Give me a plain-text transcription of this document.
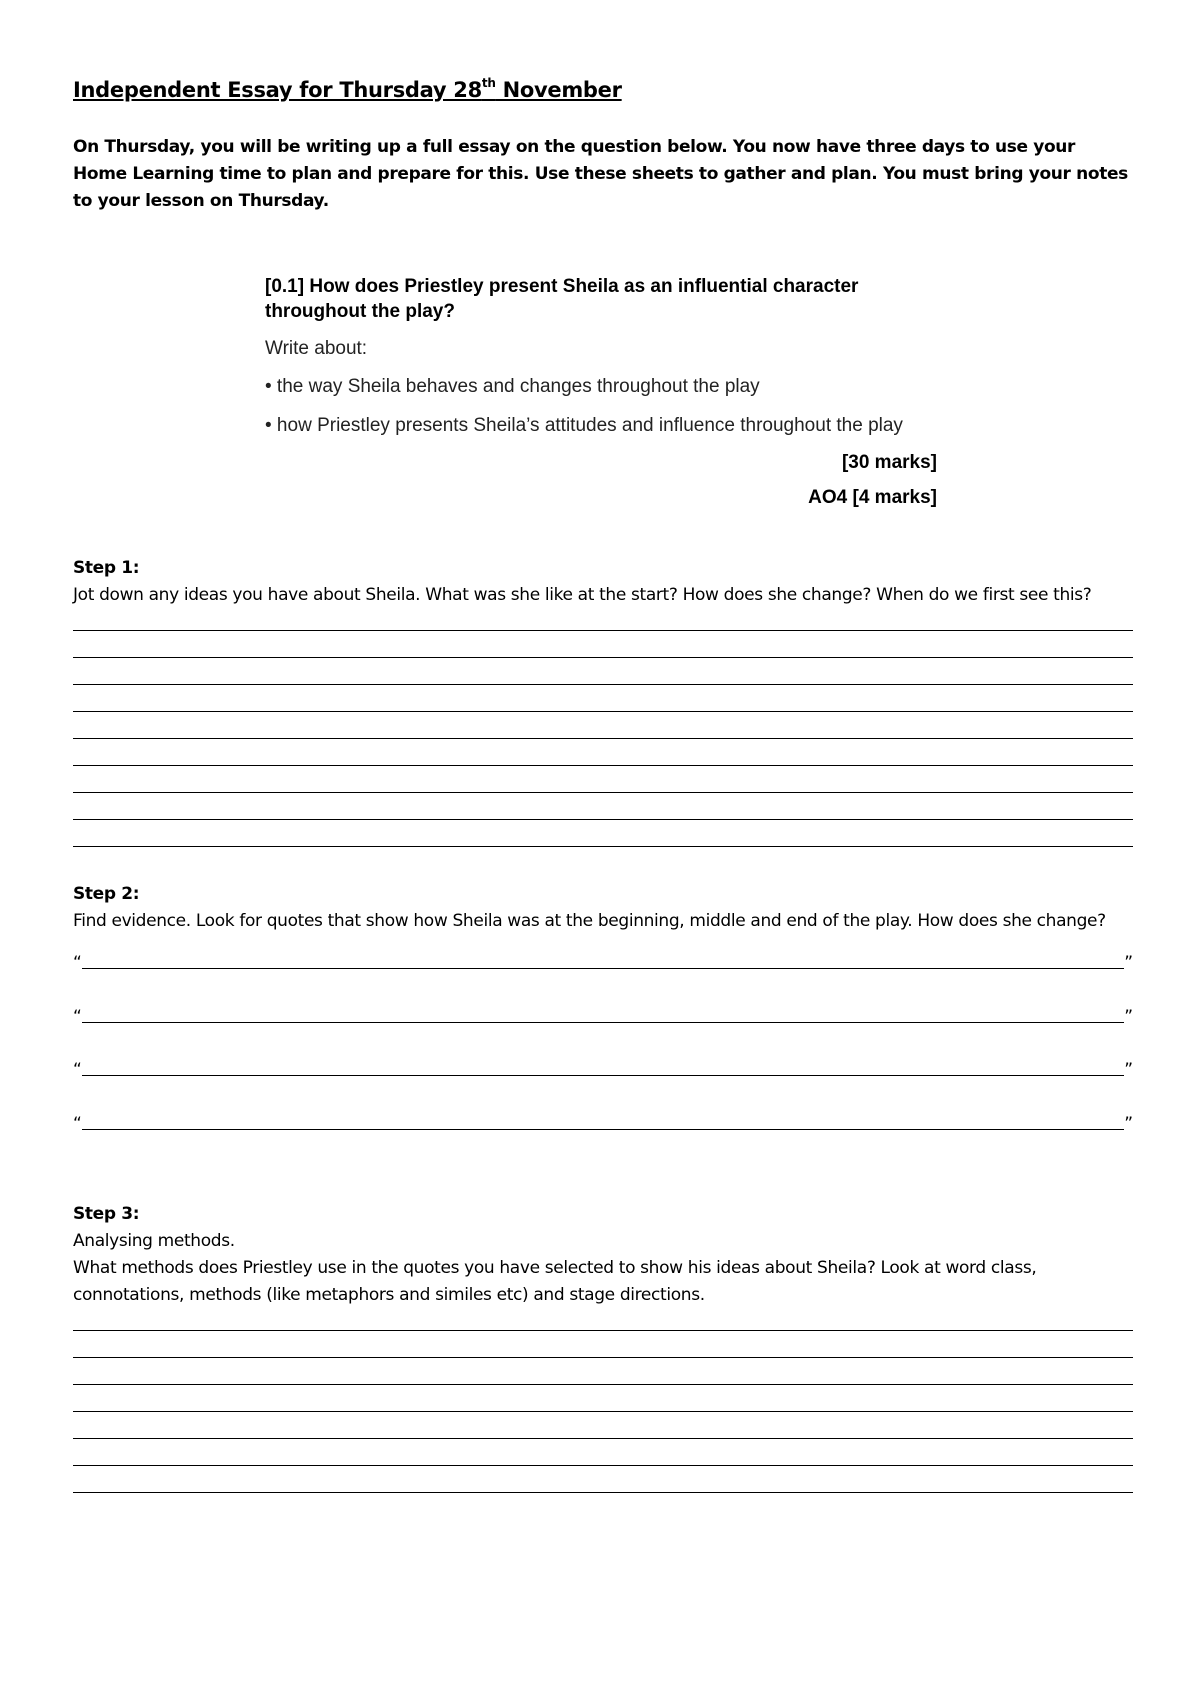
Independent Essay for Thursday 28th November

On Thursday, you will be writing up a full essay on the question below. You now have three days to use your Home Learning time to plan and prepare for this. Use these sheets to gather and plan. You must bring your notes to your lesson on Thursday.

[0.1] How does Priestley present Sheila as an influential character throughout the play?

Write about:

• the way Sheila behaves and changes throughout the play

• how Priestley presents Sheila’s attitudes and influence throughout the play

[30 marks]

AO4 [4 marks]

Step 1:

Jot down any ideas you have about Sheila. What was she like at the start? How does she change? When do we first see this?

Step 2:

Find evidence. Look for quotes that show how Sheila was at the beginning, middle and end of the play. How does she change?

“	”
“	”
“	”
“	”

Step 3:

Analysing methods.

What methods does Priestley use in the quotes you have selected to show his ideas about Sheila? Look at word class, connotations, methods (like metaphors and similes etc) and stage directions.
